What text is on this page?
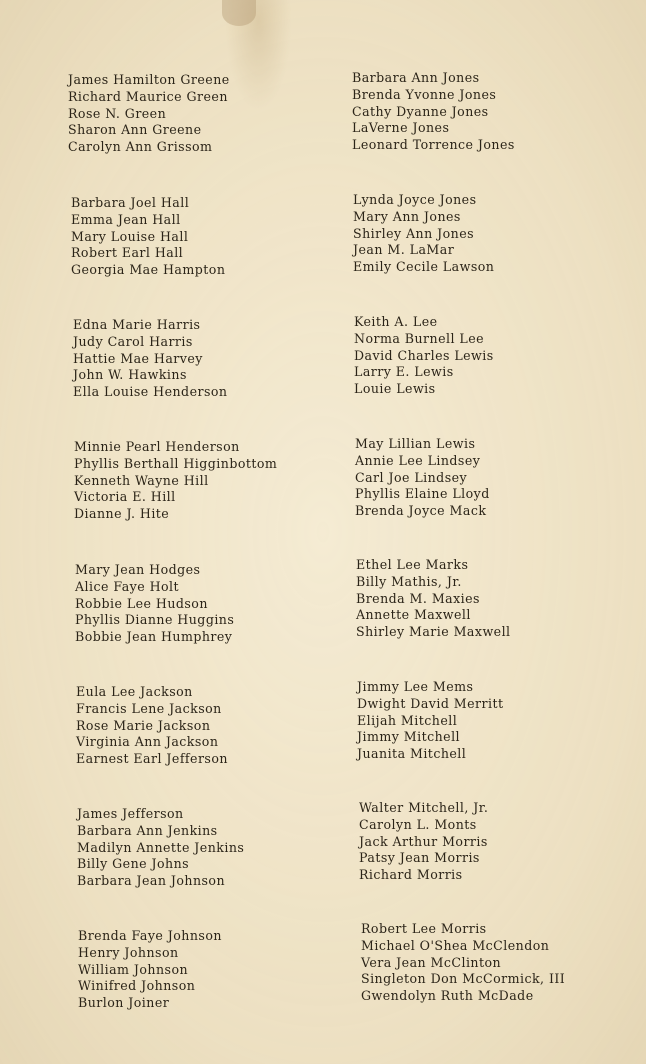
James Hamilton Greene
Richard Maurice Green
Rose N. Green
Sharon Ann Greene
Carolyn Ann Grissom
Barbara Joel Hall
Emma Jean Hall
Mary Louise Hall
Robert Earl Hall
Georgia Mae Hampton
Edna Marie Harris
Judy Carol Harris
Hattie Mae Harvey
John W. Hawkins
Ella Louise Henderson
Minnie Pearl Henderson
Phyllis Berthall Higginbottom
Kenneth Wayne Hill
Victoria E. Hill
Dianne J. Hite
Mary Jean Hodges
Alice Faye Holt
Robbie Lee Hudson
Phyllis Dianne Huggins
Bobbie Jean Humphrey
Eula Lee Jackson
Francis Lene Jackson
Rose Marie Jackson
Virginia Ann Jackson
Earnest Earl Jefferson
James Jefferson
Barbara Ann Jenkins
Madilyn Annette Jenkins
Billy Gene Johns
Barbara Jean Johnson
Brenda Faye Johnson
Henry Johnson
William Johnson
Winifred Johnson
Burlon Joiner
Barbara Ann Jones
Brenda Yvonne Jones
Cathy Dyanne Jones
LaVerne Jones
Leonard Torrence Jones
Lynda Joyce Jones
Mary Ann Jones
Shirley Ann Jones
Jean M. LaMar
Emily Cecile Lawson
Keith A. Lee
Norma Burnell Lee
David Charles Lewis
Larry E. Lewis
Louie Lewis
May Lillian Lewis
Annie Lee Lindsey
Carl Joe Lindsey
Phyllis Elaine Lloyd
Brenda Joyce Mack
Ethel Lee Marks
Billy Mathis, Jr.
Brenda M. Maxies
Annette Maxwell
Shirley Marie Maxwell
Jimmy Lee Mems
Dwight David Merritt
Elijah Mitchell
Jimmy Mitchell
Juanita Mitchell
Walter Mitchell, Jr.
Carolyn L. Monts
Jack Arthur Morris
Patsy Jean Morris
Richard Morris
Robert Lee Morris
Michael O'Shea McClendon
Vera Jean McClinton
Singleton Don McCormick, III
Gwendolyn Ruth McDade
